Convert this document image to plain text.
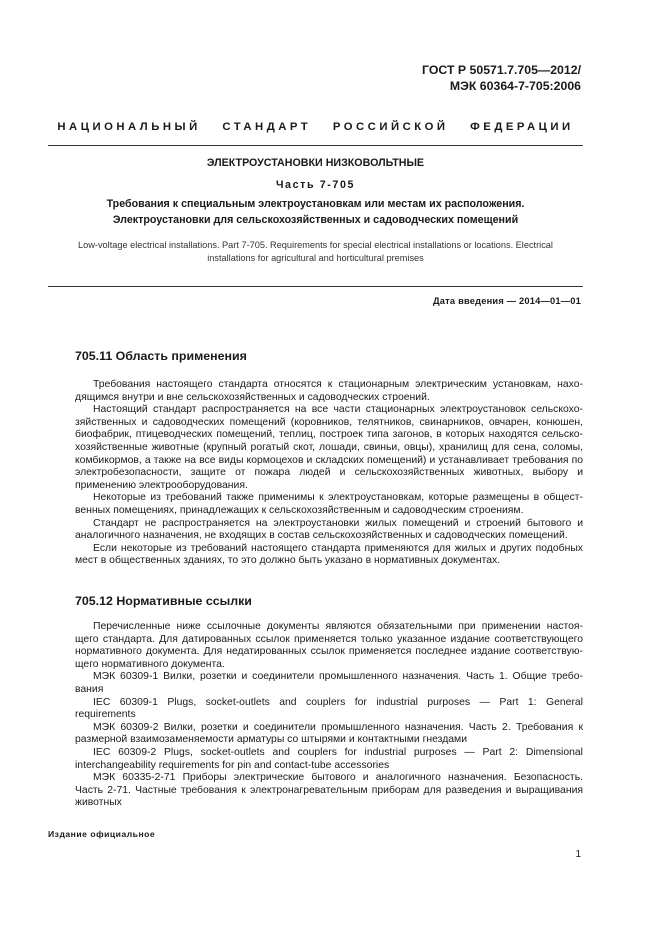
ГОСТ Р 50571.7.705—2012/
МЭК 60364-7-705:2006
НАЦИОНАЛЬНЫЙ СТАНДАРТ РОССИЙСКОЙ ФЕДЕРАЦИИ
ЭЛЕКТРОУСТАНОВКИ НИЗКОВОЛЬТНЫЕ
Часть 7-705
Требования к специальным электроустановкам или местам их расположения.
Электроустановки для сельскохозяйственных и садоводческих помещений
Low-voltage electrical installations. Part 7-705. Requirements for special electrical installations or locations. Electrical
installations for agricultural and horticultural premises
Дата введения — 2014—01—01
705.11 Область применения
Требования настоящего стандарта относятся к стационарным электрическим установкам, нахо-
дящимся внутри и вне сельскохозяйственных и садоводческих строений.
Настоящий стандарт распространяется на все части стационарных электроустановок сельскохо-
зяйственных и садоводческих помещений (коровников, телятников, свинарников, овчарен, конюшен,
биофабрик, птицеводческих помещений, теплиц, построек типа загонов, в которых находятся сельско-
хозяйственные животные (крупный рогатый скот, лошади, свиньи, овцы), хранилищ для сена, соломы,
комбикормов, а также на все виды кормоцехов и складских помещений) и устанавливает требования по
электробезопасности, защите от пожара людей и сельскохозяйственных животных, выбору и
применению электрооборудования.
Некоторые из требований также применимы к электроустановкам, которые размещены в общест-
венных помещениях, принадлежащих к сельскохозяйственным и садоводческим строениям.
Стандарт не распространяется на электроустановки жилых помещений и строений бытового и
аналогичного назначения, не входящих в состав сельскохозяйственных и садоводческих помещений.
Если некоторые из требований настоящего стандарта применяются для жилых и других подобных
мест в общественных зданиях, то это должно быть указано в нормативных документах.
705.12 Нормативные ссылки
Перечисленные ниже ссылочные документы являются обязательными при применении настоя-
щего стандарта. Для датированных ссылок применяется только указанное издание соответствующего
нормативного документа. Для недатированных ссылок применяется последнее издание соответствую-
щего нормативного документа.
МЭК 60309-1 Вилки, розетки и соединители промышленного назначения. Часть 1. Общие требо-
вания
IEC 60309-1 Plugs, socket-outlets and couplers for industrial purposes — Part 1: General
requirements
МЭК 60309-2 Вилки, розетки и соединители промышленного назначения. Часть 2. Требования к
размерной взаимозаменяемости арматуры со штырями и контактными гнездами
IEC 60309-2 Plugs, socket-outlets and couplers for industrial purposes — Part 2: Dimensional
interchangeability requirements for pin and contact-tube accessories
МЭК 60335-2-71 Приборы электрические бытового и аналогичного назначения. Безопасность.
Часть 2-71. Частные требования к электронагревательным приборам для разведения и выращивания
животных
Издание официальное
1
